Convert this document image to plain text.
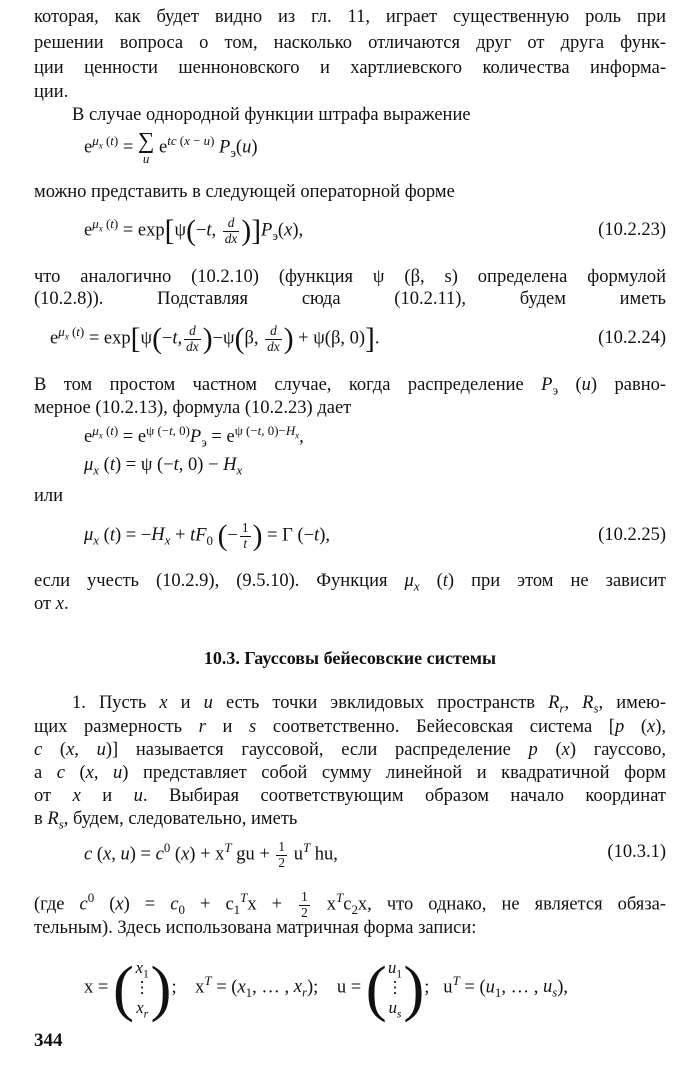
которая, как будет видно из гл. 11, играет существенную роль при
решении вопроса о том, насколько отличаются друг от друга функ-
ции ценности шенноновского и хартлиевского количества информа-
ции.
В случае однородной функции штрафа выражение
$e^{\mu_x (t)}$ = ∑
u
$e^{tc (x - u)}$ $P_э(u)$
можно представить в следующей операторной форме
$e^{\mu_x (t)} = \exp[\psi(-t$, $\frac{d}{dx} )]P_э(x)$,	(10.2.23)
что аналогично (10.2.10) (функция ψ (β, s) определена формулой
(10.2.8)). Подставляя сюда (10.2.11), будем иметь
$e^{\mu_x (t)} = \exp[\psi(-t$, $\frac{d}{dx} )-\psi(\beta$, $\frac{d}{dx}$ ) + ψ(β, 0)].	(10.2.24)
В том простом частном случае, когда распределение $P_э$ (u) равно-
мерное (10.2.13), формула (10.2.23) дает
$e^{\mu_x (t)} = e^{\psi (-t, 0)}P_э = e^{\psi (-t, 0)-H_x}$,
$\mu_x$ (t) = ψ (−t, $0) - H_x$
или
$\mu_x$ $(t) = -H_x + tF_0$ (− $\frac{1}{t}$ ) = Γ (−t),	(10.2.25)
если учесть (10.2.9), (9.5.10). Функция $\mu_x$ (t) при этом не зависит
от x.
10.3. Гауссовы бейесовские системы
1. Пусть x и u есть точки эвклидовых пространств $R_r$, $R_s$, имею-
щих размерность r и s соответственно. Бейесовская система [p (x),
c (x, u)] называется гауссовой, если распределение p (x) гауссово,
а c (x, u) представляет собой сумму линейной и квадратичной форм
от x и u. Выбирая соответствующим образом начало координат
в $R_s$, будем, следовательно, иметь
c (x, $u) = c^0$ $(x) + x^T$ gu + $\frac{1}{2} u^T$ hu,	(10.3.1)
(где $c^0$ $(x) = c_0 + c_1^Tx + \frac{1}{2} x^Tc_2x$, что однако, не является обяза-
тельным). Здесь использована матричная форма записи:
x = ( $x_1$
⋮
$x_r$ );    $x^T = (x_1$, … , $x_r$);    u = ( $u_1$
⋮
$u_s$ );   $u^T = (u_1$, … , $u_s$),
344
